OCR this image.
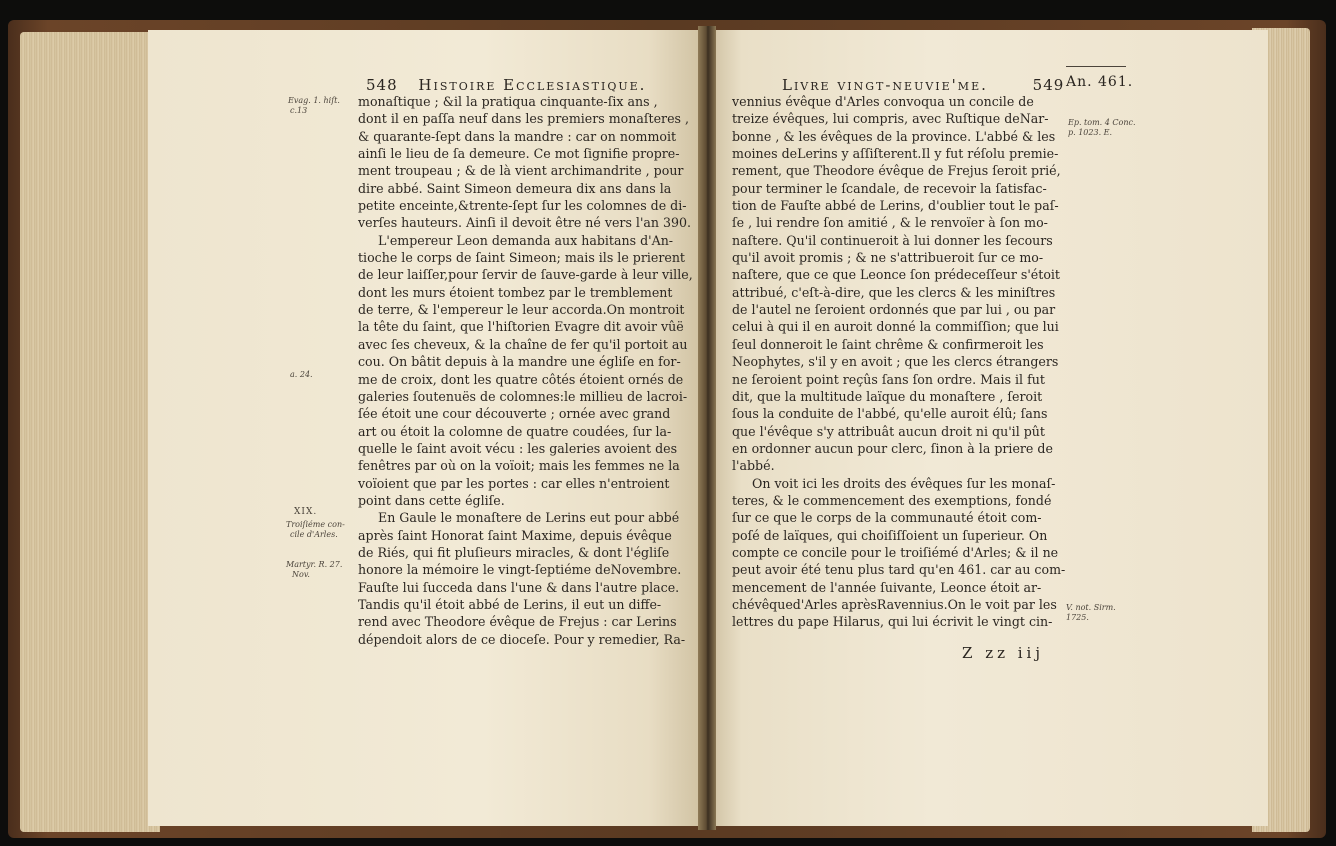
548 Histoire Ecclesiastique.
Evag. 1. hiſt.
c.13
a. 24.
XIX.
Troiſiéme con-
cile d'Arles.
Martyr. R. 27.
Nov.
monaſtique ; &il la pratiqua cinquante-ſix ans ,
dont il en paſſa neuf dans les premiers monaſteres ,
& quarante-ſept dans la mandre : car on nommoit
ainſi le lieu de ſa demeure. Ce mot ſignifie propre-
ment troupeau ; & de là vient archimandrite , pour
dire abbé. Saint Simeon demeura dix ans dans la
petite enceinte,&trente-ſept ſur les colomnes de di-
verſes hauteurs. Ainſi il devoit être né vers l'an 390.
L'empereur Leon demanda aux habitans d'An-
tioche le corps de ſaint Simeon; mais ils le prierent
de leur laiſſer,pour ſervir de ſauve-garde à leur ville,
dont les murs étoient tombez par le tremblement
de terre, & l'empereur le leur accorda.On montroit
la tête du ſaint, que l'hiſtorien Evagre dit avoir vûë
avec ſes cheveux, & la chaîne de fer qu'il portoit au
cou. On bâtit depuis à la mandre une égliſe en for-
me de croix, dont les quatre côtés étoient ornés de
galeries ſoutenuës de colomnes:le millieu de lacroi-
ſée étoit une cour découverte ; ornée avec grand
art ou étoit la colomne de quatre coudées, ſur la-
quelle le ſaint avoit vécu : les galeries avoient des
fenêtres par où on la voïoit; mais les femmes ne la
voïoient que par les portes : car elles n'entroient
point dans cette égliſe.
En Gaule le monaſtere de Lerins eut pour abbé
après ſaint Honorat ſaint Maxime, depuis évêque
de Riés, qui fit pluſieurs miracles, & dont l'égliſe
honore la mémoire le vingt-ſeptiéme deNovembre.
Fauſte lui ſucceda dans l'une & dans l'autre place.
Tandis qu'il étoit abbé de Lerins, il eut un diffe-
rend avec Theodore évêque de Frejus : car Lerins
dépendoit alors de ce dioceſe. Pour y remedier, Ra-
Livre vingt-neuvie'me.	549 An. 461.
Ep. tom. 4 Conc.
p. 1023. E.
V. not. Sirm.
1725.
vennius évêque d'Arles convoqua un concile de
treize évêques, lui compris, avec Ruſtique deNar-
bonne , & les évêques de la province. L'abbé & les
moines deLerins y aſſiſterent.Il y fut réſolu premie-
rement, que Theodore évêque de Frejus ſeroit prié,
pour terminer le ſcandale, de recevoir la ſatisfac-
tion de Fauſte abbé de Lerins, d'oublier tout le paſ-
ſe , lui rendre ſon amitié , & le renvoïer à ſon mo-
naſtere. Qu'il continueroit à lui donner les ſecours
qu'il avoit promis ; & ne s'attribueroit ſur ce mo-
naſtere, que ce que Leonce ſon prédeceſſeur s'étoit
attribué, c'eſt-à-dire, que les clercs & les miniſtres
de l'autel ne ſeroient ordonnés que par lui , ou par
celui à qui il en auroit donné la commiſſion; que lui
ſeul donneroit le ſaint chrême & confirmeroit les
Neophytes, s'il y en avoit ; que les clercs étrangers
ne ſeroient point reçûs ſans ſon ordre. Mais il fut
dit, que la multitude laïque du monaſtere , ſeroit
ſous la conduite de l'abbé, qu'elle auroit élû; ſans
que l'évêque s'y attribuât aucun droit ni qu'il pût
en ordonner aucun pour clerc, ſinon à la priere de
l'abbé.
On voit ici les droits des évêques ſur les monaſ-
teres, & le commencement des exemptions, fondé
ſur ce que le corps de la communauté étoit com-
poſé de laïques, qui choiſiſſoient un ſuperieur. On
compte ce concile pour le troiſiémé d'Arles; & il ne
peut avoir été tenu plus tard qu'en 461. car au com-
mencement de l'année ſuivante, Leonce étoit ar-
chévêqued'Arles aprèsRavennius.On le voit par les
lettres du pape Hilarus, qui lui écrivit le vingt cin-
Z zz iij
